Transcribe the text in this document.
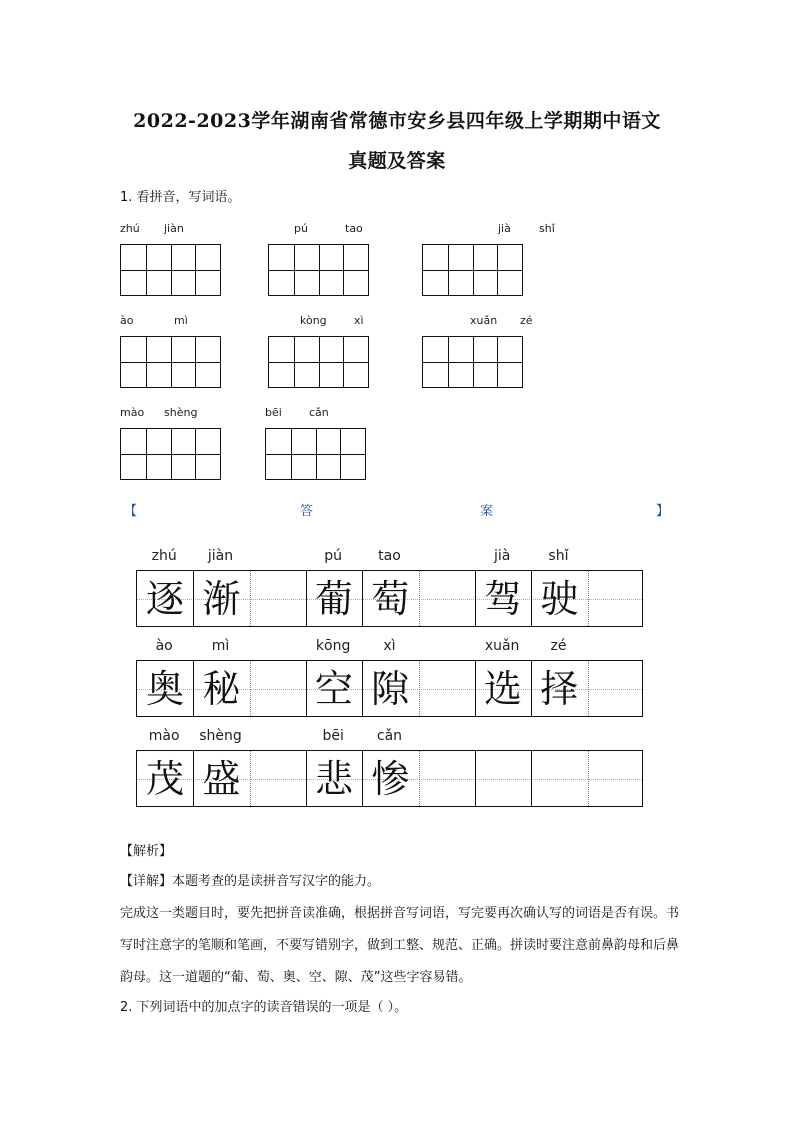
2022-2023学年湖南省常德市安乡县四年级上学期期中语文
真题及答案
1. 看拼音，写词语。
zhú jiàn	pú	tao	jià	shǐ
ào	mì	kòng xì	xuǎn zé
mào shèng	bēi cǎn
【	答	案	】
zhú	jiàn	pú	tao	jià	shǐ
逐 渐 葡 萄 驾 驶
ào	mì	kōng	xì	xuǎn	zé
奥 秘 空 隙 选 择
mào	shèng	bēi	cǎn
茂 盛 悲 惨
【解析】
【详解】本题考查的是读拼音写汉字的能力。
完成这一类题目时，要先把拼音读准确，根据拼音写词语，写完要再次确认写的词语是否有误。书写时注意字的笔顺和笔画，不要写错别字，做到工整、规范、正确。拼读时要注意前鼻韵母和后鼻韵母。这一道题的“葡、萄、奥、空、隙、茂”这些字容易错。
2. 下列词语中的加点字的读音错误的一项是（ ）。
